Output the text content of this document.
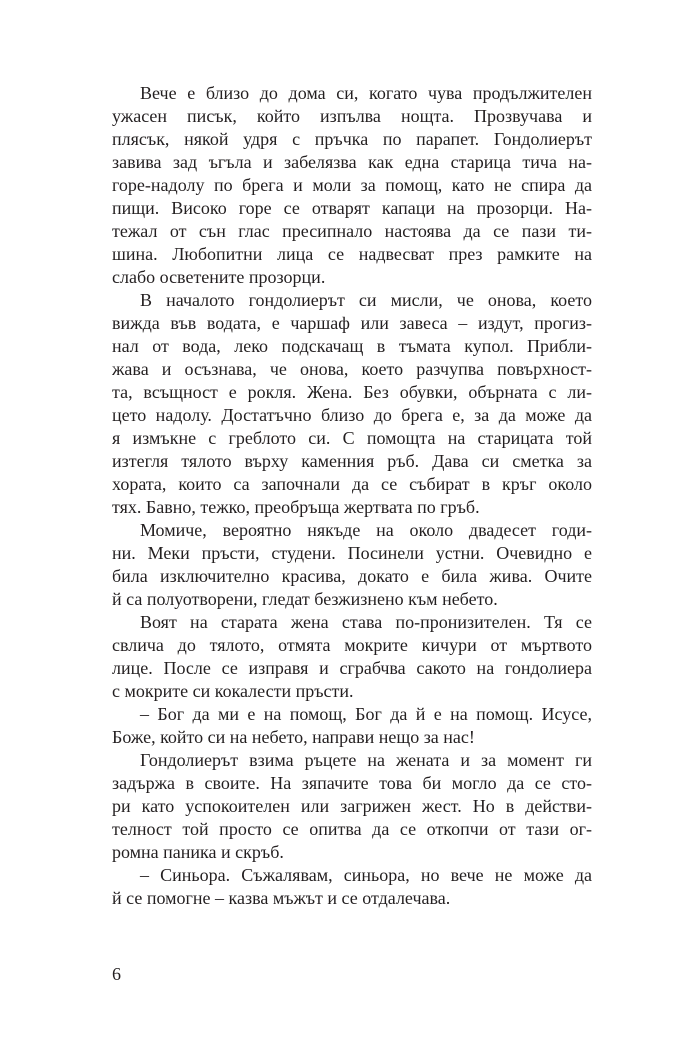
Вече е близо до дома си, когато чува продължителен
ужасен писък, който изпълва нощта. Прозвучава и
плясък, някой удря с пръчка по парапет. Гондолиерът
завива зад ъгъла и забелязва как една старица тича на-
горе-надолу по брега и моли за помощ, като не спира да
пищи. Високо горе се отварят капаци на прозорци. На-
тежал от сън глас пресипнало настоява да се пази ти-
шина. Любопитни лица се надвесват през рамките на
слабо осветените прозорци.
В началото гондолиерът си мисли, че онова, което
вижда във водата, е чаршаф или завеса – издут, прогиз-
нал от вода, леко подскачащ в тъмата купол. Прибли-
жава и осъзнава, че онова, което разчупва повърхност-
та, всъщност е рокля. Жена. Без обувки, обърната с ли-
цето надолу. Достатъчно близо до брега е, за да може да
я измъкне с греблото си. С помощта на старицата той
изтегля тялото върху каменния ръб. Дава си сметка за
хората, които са започнали да се събират в кръг около
тях. Бавно, тежко, преобръща жертвата по гръб.
Момиче, вероятно някъде на около двадесет годи-
ни. Меки пръсти, студени. Посинели устни. Очевидно е
била изключително красива, докато е била жива. Очите
й са полуотворени, гледат безжизнено към небето.
Воят на старата жена става по-пронизителен. Тя се
свлича до тялото, отмята мокрите кичури от мъртвото
лице. После се изправя и сграбчва сакото на гондолиера
с мокрите си кокалести пръсти.
– Бог да ми е на помощ, Бог да й е на помощ. Исусе,
Боже, който си на небето, направи нещо за нас!
Гондолиерът взима ръцете на жената и за момент ги
задържа в своите. На зяпачите това би могло да се сто-
ри като успокоителен или загрижен жест. Но в действи-
телност той просто се опитва да се откопчи от тази ог-
ромна паника и скръб.
– Синьора. Съжалявам, синьора, но вече не може да
й се помогне – казва мъжът и се отдалечава.
6
